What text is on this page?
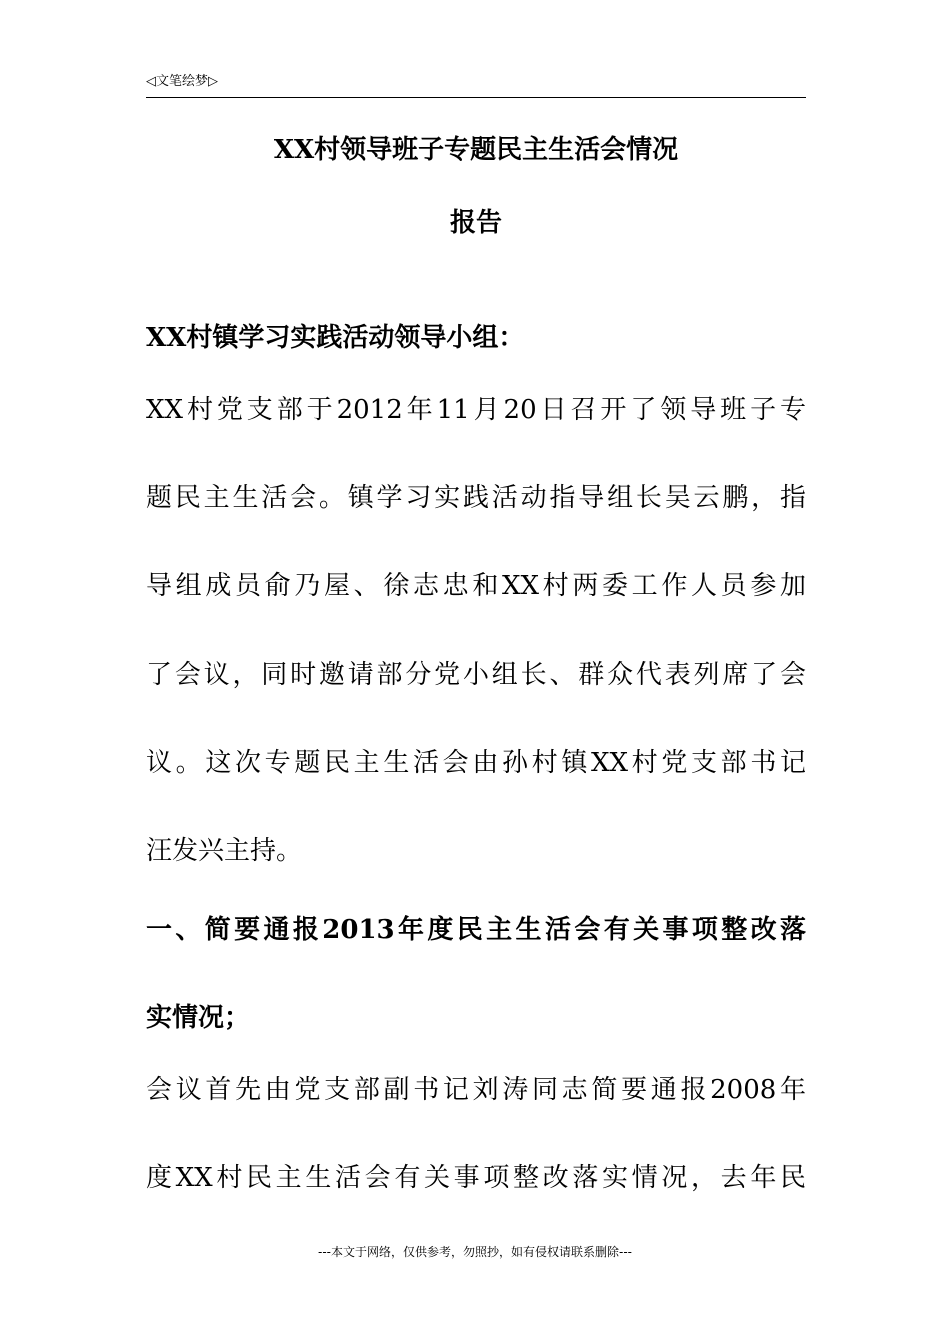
◁文笔绘梦▷
XX村领导班子专题民主生活会情况
报告
XX村镇学习实践活动领导小组：
XX村党支部于2012年11月20日召开了领导班子专
题民主生活会。镇学习实践活动指导组长吴云鹏，指
导组成员俞乃屋、徐志忠和XX村两委工作人员参加
了会议，同时邀请部分党小组长、群众代表列席了会
议。这次专题民主生活会由孙村镇XX村党支部书记
汪发兴主持。
一、简要通报2013年度民主生活会有关事项整改落
实情况；
会议首先由党支部副书记刘涛同志简要通报2008年
度XX村民主生活会有关事项整改落实情况，去年民
---本文于网络，仅供参考，勿照抄，如有侵权请联系删除---
